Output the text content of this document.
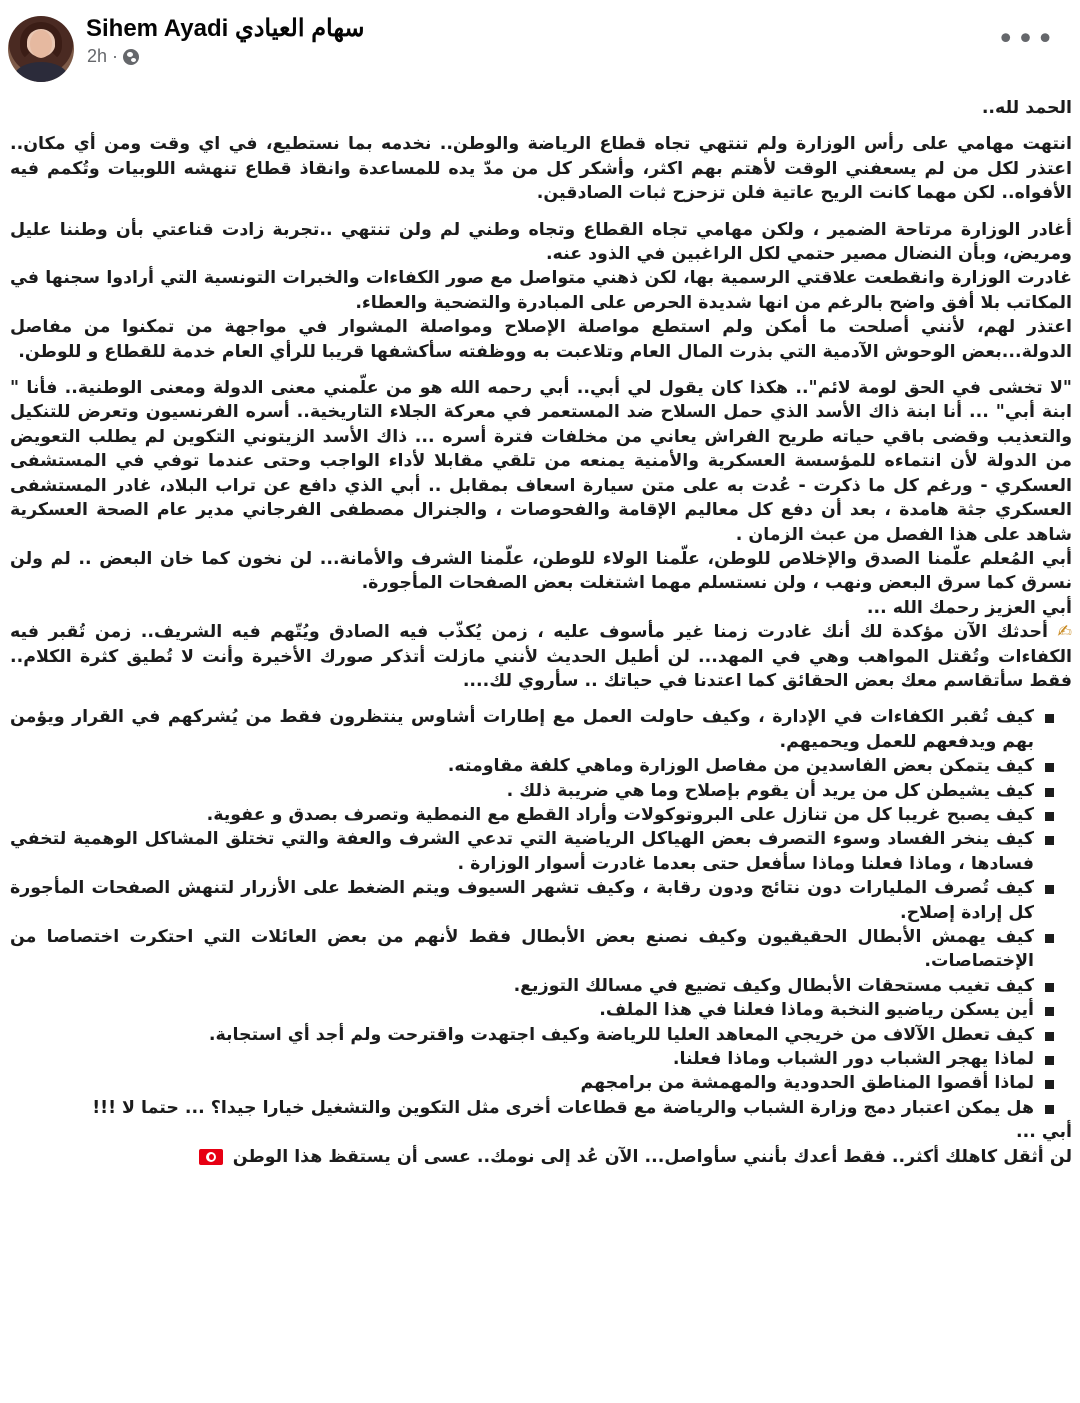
Sihem Ayadi سهام العيادي
2h ·	•••

الحمد لله..

انتهت مهامي على رأس الوزارة ولم تنتهي تجاه قطاع الرياضة والوطن.. نخدمه بما نستطيع، في اي وقت ومن أي مكان.. اعتذر لكل من لم يسعفني الوقت لأهتم بهم اكثر، وأشكر كل من مدّ يده للمساعدة وانقاذ قطاع تنهشه اللوبيات وتُكمم فيه الأفواه.. لكن مهما كانت الريح عاتية فلن تزحزح ثبات الصادقين.

أغادر الوزارة مرتاحة الضمير ، ولكن مهامي تجاه القطاع وتجاه وطني لم ولن تنتهي ..تجربة زادت قناعتي بأن وطننا عليل ومريض، وبأن النضال مصير حتمي لكل الراغبين في الذود عنه.

غادرت الوزارة وانقطعت علاقتي الرسمية بها، لكن ذهني متواصل مع صور الكفاءات والخبرات التونسية التي أرادوا سجنها في المكاتب بلا أفق واضح بالرغم من انها شديدة الحرص على المبادرة والتضحية والعطاء.

اعتذر لهم، لأنني أصلحت ما أمكن ولم استطع مواصلة الإصلاح ومواصلة المشوار في مواجهة من تمكنوا من مفاصل الدولة...بعض الوحوش الآدمية التي بذرت المال العام وتلاعبت به ووظفته سأكشفها قريبا للرأي العام خدمة للقطاع و للوطن.

"لا تخشى في الحق لومة لائم".. هكذا كان يقول لي أبي.. أبي رحمه الله هو من علّمني معنى الدولة ومعنى الوطنية.. فأنا " ابنة أبي" ... أنا ابنة ذاك الأسد الذي حمل السلاح ضد المستعمر في معركة الجلاء التاريخية.. أسره الفرنسيون وتعرض للتنكيل والتعذيب وقضى باقي حياته طريح الفراش يعاني من مخلفات فترة أسره ... ذاك الأسد الزيتوني التكوين لم يطلب التعويض من الدولة لأن انتماءه للمؤسسة العسكرية والأمنية يمنعه من تلقي مقابلا لأداء الواجب وحتى عندما توفي في المستشفى العسكري - ورغم كل ما ذكرت - عُدت به على متن سيارة اسعاف بمقابل .. أبي الذي دافع عن تراب البلاد، غادر المستشفى العسكري جثة هامدة ، بعد أن دفع كل معاليم الإقامة والفحوصات ، والجنرال مصطفى الفرجاني مدير عام الصحة العسكرية شاهد على هذا الفصل من عبث الزمان .

أبي المُعلم علّمنا الصدق والإخلاص للوطن، علّمنا الولاء للوطن، علّمنا الشرف والأمانة... لن نخون كما خان البعض .. لم ولن نسرق كما سرق البعض ونهب ، ولن نستسلم مهما اشتغلت بعض الصفحات المأجورة.

أبي العزيز رحمك الله ...

✍ أحدثك الآن مؤكدة لك أنك غادرت زمنا غير مأسوف عليه ، زمن يُكذّب فيه الصادق ويُتّهم فيه الشريف.. زمن تُقبر فيه الكفاءات وتُقتل المواهب وهي في المهد... لن أطيل الحديث لأنني مازلت أتذكر صورك الأخيرة وأنت لا تُطيق كثرة الكلام.. فقط سأتقاسم معك بعض الحقائق كما اعتدنا في حياتك .. سأروي لك....

كيف تُقبر الكفاءات في الإدارة ، وكيف حاولت العمل مع إطارات أشاوس ينتظرون فقط من يُشركهم في القرار ويؤمن بهم ويدفعهم للعمل ويحميهم.
كيف يتمكن بعض الفاسدين من مفاصل الوزارة وماهي كلفة مقاومته.
كيف يشيطن كل من يريد أن يقوم بإصلاح وما هي ضريبة ذلك .
كيف يصبح غريبا كل من تنازل على البروتوكولات وأراد القطع مع النمطية وتصرف بصدق و عفوية.
كيف ينخر الفساد وسوء التصرف بعض الهياكل الرياضية التي تدعي الشرف والعفة والتي تختلق المشاكل الوهمية لتخفي فسادها ، وماذا فعلنا وماذا سأفعل حتى بعدما غادرت أسوار الوزارة .
كيف تُصرف المليارات دون نتائج ودون رقابة ، وكيف تشهر السيوف ويتم الضغط على الأزرار لتنهش الصفحات المأجورة كل إرادة إصلاح.
كيف يهمش الأبطال الحقيقيون وكيف نصنع بعض الأبطال فقط لأنهم من بعض العائلات التي احتكرت اختصاصا من الإختصاصات.
كيف تغيب مستحقات الأبطال وكيف تضيع في مسالك التوزيع.
أين يسكن رياضيو النخبة وماذا فعلنا في هذا الملف.
كيف تعطل الآلاف من خريجي المعاهد العليا للرياضة وكيف اجتهدت واقترحت ولم أجد أي استجابة.
لماذا يهجر الشباب دور الشباب وماذا فعلنا.
لماذا أقصوا المناطق الحدودية والمهمشة من برامجهم
هل يمكن اعتبار دمج وزارة الشباب والرياضة مع قطاعات أخرى مثل التكوين والتشغيل خيارا جيدا؟ ... حتما لا !!!

أبي ...

لن أثقل كاهلك أكثر.. فقط أعدك بأنني سأواصل... الآن عُد إلى نومك.. عسى أن يستقظ هذا الوطن
